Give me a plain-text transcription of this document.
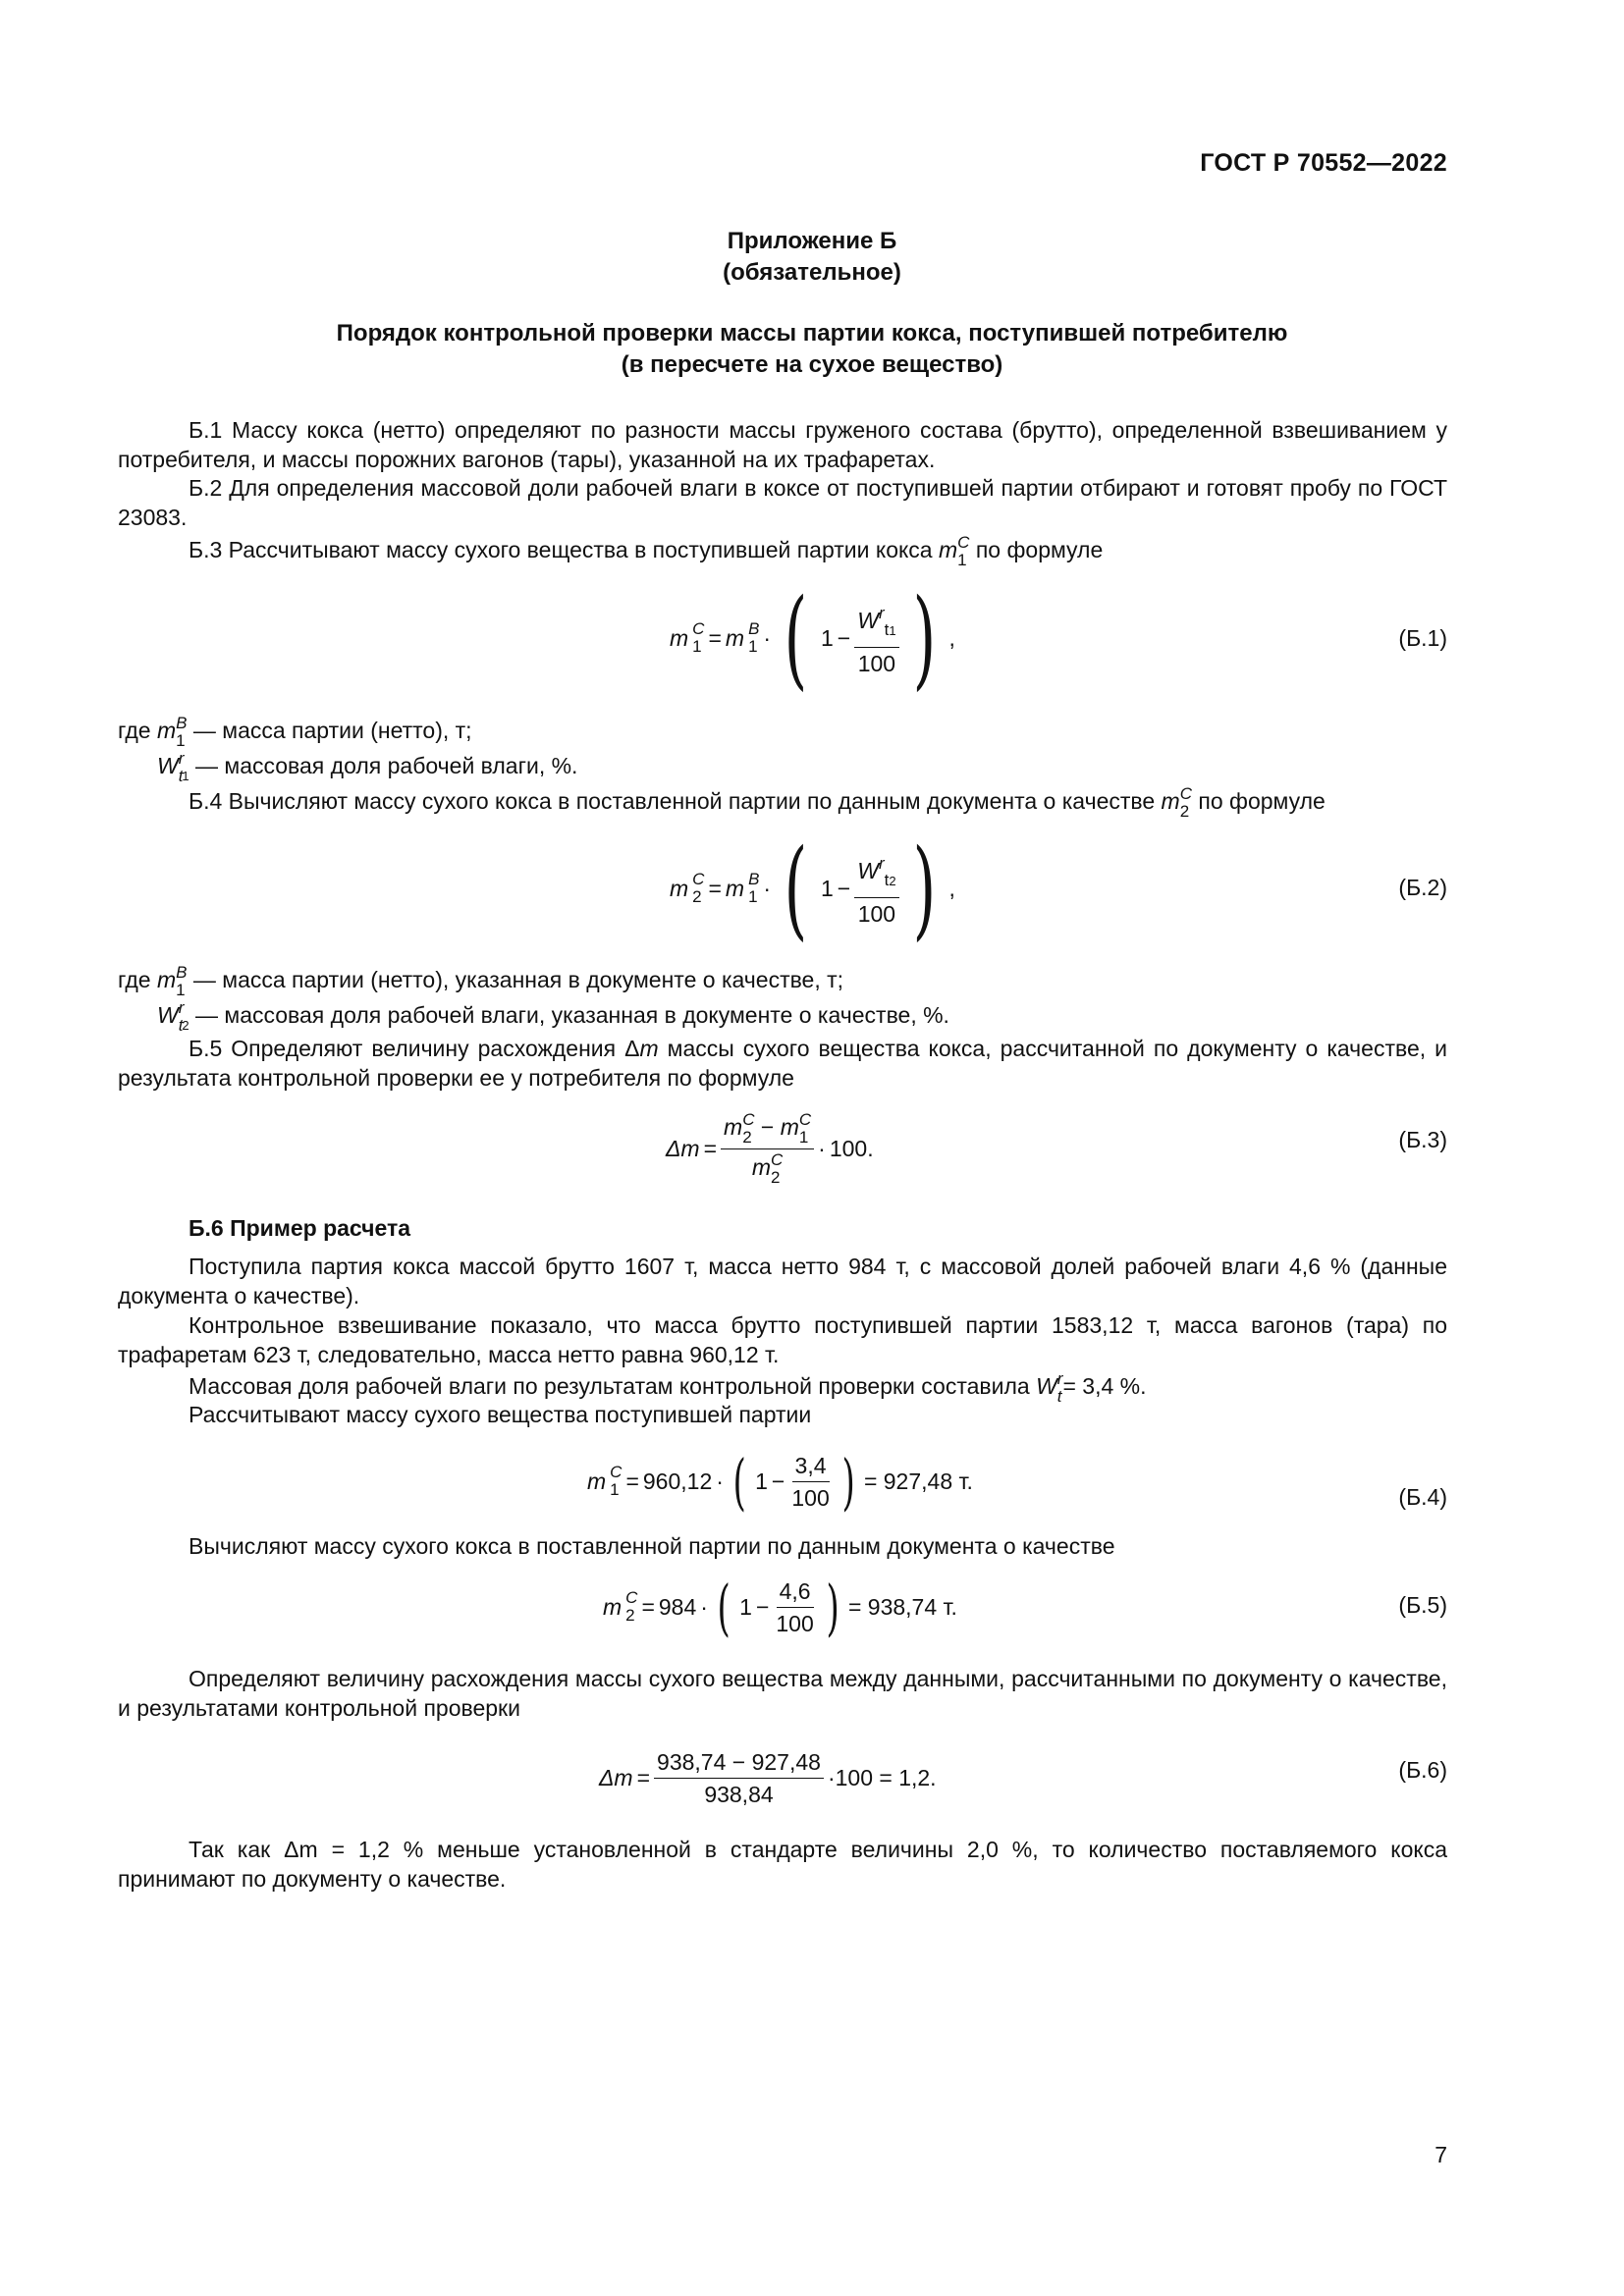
ГОСТ Р 70552—2022
Приложение Б
(обязательное)
Порядок контрольной проверки массы партии кокса, поступившей потребителю
(в пересчете на сухое вещество)
Б.1 Массу кокса (нетто) определяют по разности массы груженого состава (брутто), определенной взвешиванием у потребителя, и массы порожних вагонов (тары), указанной на их трафаретах.
Б.2 Для определения массовой доли рабочей влаги в коксе от поступившей партии отбирают и готовят пробу по ГОСТ 23083.
Б.3 Рассчитывают массу сухого вещества в поступившей партии кокса m C
1 по формуле
m C
1 = m B
1 · ( $1 - \frac{W^r_{t1}}{100}$ ) ,	(Б.1)
где m B
1 — масса партии (нетто), т;
W r
t
$_1$ — массовая доля рабочей влаги, %.
Б.4 Вычисляют массу сухого кокса в поставленной партии по данным документа о качестве m C
2 по формуле
m C
2 = m B
1 · ( $1 - \frac{W^r_{t2}}{100}$ ) ,	(Б.2)
где m B
1 — масса партии (нетто), указанная в документе о качестве, т;
W r
t
$_2$ — массовая доля рабочей влаги, указанная в документе о качестве, %.
Б.5 Определяют величину расхождения Δm массы сухого вещества кокса, рассчитанной по документу о качестве, и результата контрольной проверки ее у потребителя по формуле
Δm = m C
2 − m C
1
m C
2 · 100.	(Б.3)
Б.6 Пример расчета
Поступила партия кокса массой брутто 1607 т, масса нетто 984 т, с массовой долей рабочей влаги 4,6 % (данные документа о качестве).
Контрольное взвешивание показало, что масса брутто поступившей партии 1583,12 т, масса вагонов (тара) по трафаретам 623 т, следовательно, масса нетто равна 960,12 т.
Массовая доля рабочей влаги по результатам контрольной проверки составила W r
t = 3,4 %.
Рассчитывают массу сухого вещества поступившей партии
m C
1 = 960,12 · ( $1 - \frac{3,4}{100}$ ) = 927,48 т.
(Б.4)
Вычисляют массу сухого кокса в поставленной партии по данным документа о качестве
m C
2 = 984 · ( $1 - \frac{4,6}{100}$ ) = 938,74 т.	(Б.5)
Определяют величину расхождения массы сухого вещества между данными, рассчитанными по документу о качестве, и результатами контрольной проверки
$\Delta m = \frac{938,74 - 927,48}{938,84} \cdot 100 = 1,2$.	(Б.6)
Так как Δm = 1,2 % меньше установленной в стандарте величины 2,0 %, то количество поставляемого кокса принимают по документу о качестве.
7
